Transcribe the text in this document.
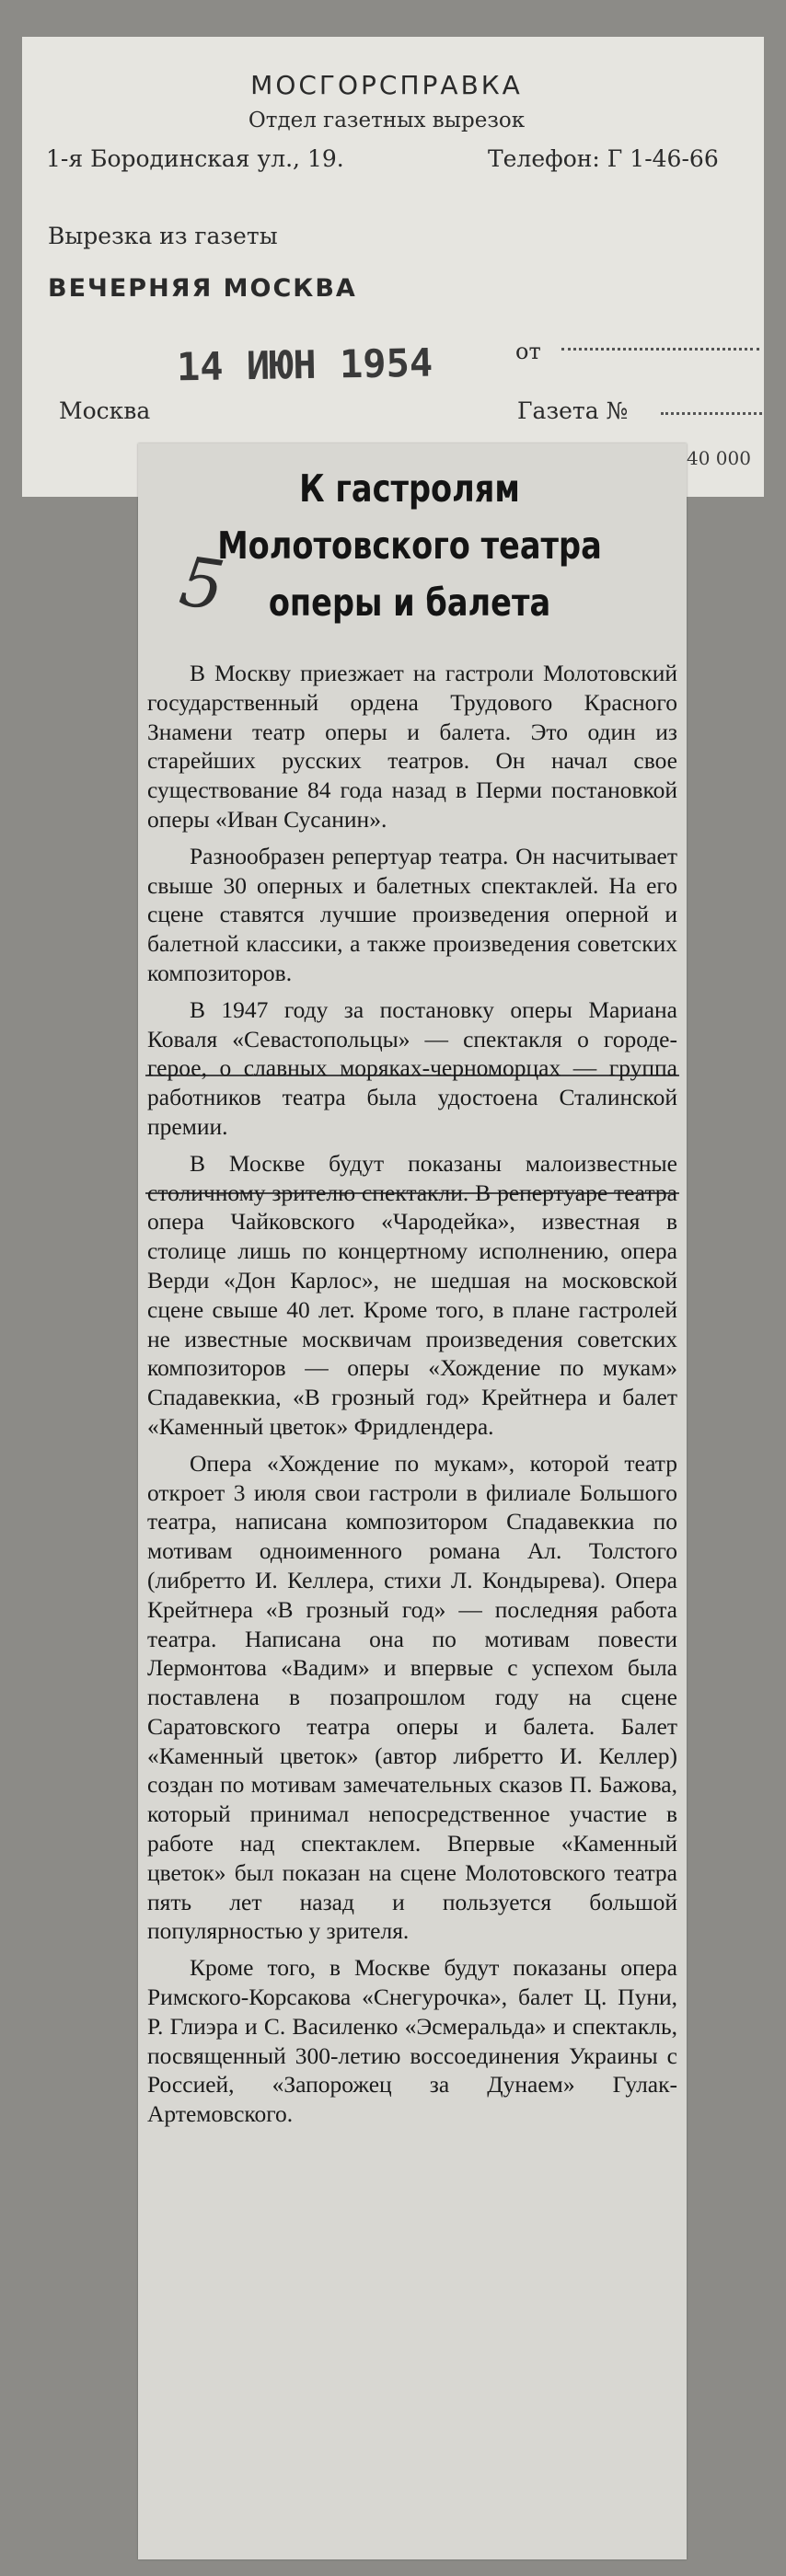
МОСГОРСПРАВКА
Отдел газетных вырезок
1-я Бородинская ул., 19.	Телефон: Г 1-46-66
Вырезка из газеты
ВЕЧЕРНЯЯ МОСКВА
14 ИЮН 1954	от
Москва	Газета №
40 000
К гастролям
Молотовского театра
оперы и балета
5

В Москву приезжает на гастроли Молотовский государственный ордена Трудового Красного Знамени театр оперы и балета. Это один из старейших русских театров. Он начал свое существование 84 года назад в Перми постановкой оперы «Иван Сусанин».

Разнообразен репертуар театра. Он насчитывает свыше 30 оперных и балетных спектаклей. На его сцене ставятся лучшие произведения оперной и балетной классики, а также произведения советских композиторов.

В 1947 году за постановку оперы Мариана Коваля «Севастопольцы» — спектакля о городе-герое, о славных моряках-черноморцах — группа работников театра была удостоена Сталинской премии.

В Москве будут показаны малоизвестные столичному зрителю спектакли. В репертуаре театра опера Чайковского «Чародейка», известная в столице лишь по концертному исполнению, опера Верди «Дон Карлос», не шедшая на московской сцене свыше 40 лет. Кроме того, в плане гастролей не известные москвичам произведения советских композиторов — оперы «Хождение по мукам» Спадавеккиа, «В грозный год» Крейтнера и балет «Каменный цветок» Фридлендера.

Опера «Хождение по мукам», которой театр откроет 3 июля свои гастроли в филиале Большого театра, написана композитором Спадавеккиа по мотивам одноименного романа Ал. Толстого (либретто И. Келлера, стихи Л. Кондырева). Опера Крейтнера «В грозный год» — последняя работа театра. Написана она по мотивам повести Лермонтова «Вадим» и впервые с успехом была поставлена в позапрошлом году на сцене Саратовского театра оперы и балета. Балет «Каменный цветок» (автор либретто И. Келлер) создан по мотивам замечательных сказов П. Бажова, который принимал непосредственное участие в работе над спектаклем. Впервые «Каменный цветок» был показан на сцене Молотовского театра пять лет назад и пользуется большой популярностью у зрителя.

Кроме того, в Москве будут показаны опера Римского-Корсакова «Снегурочка», балет Ц. Пуни, Р. Глиэра и С. Василенко «Эсмеральда» и спектакль, посвященный 300-летию воссоединения Украины с Россией, «Запорожец за Дунаем» Гулак-Артемовского.
